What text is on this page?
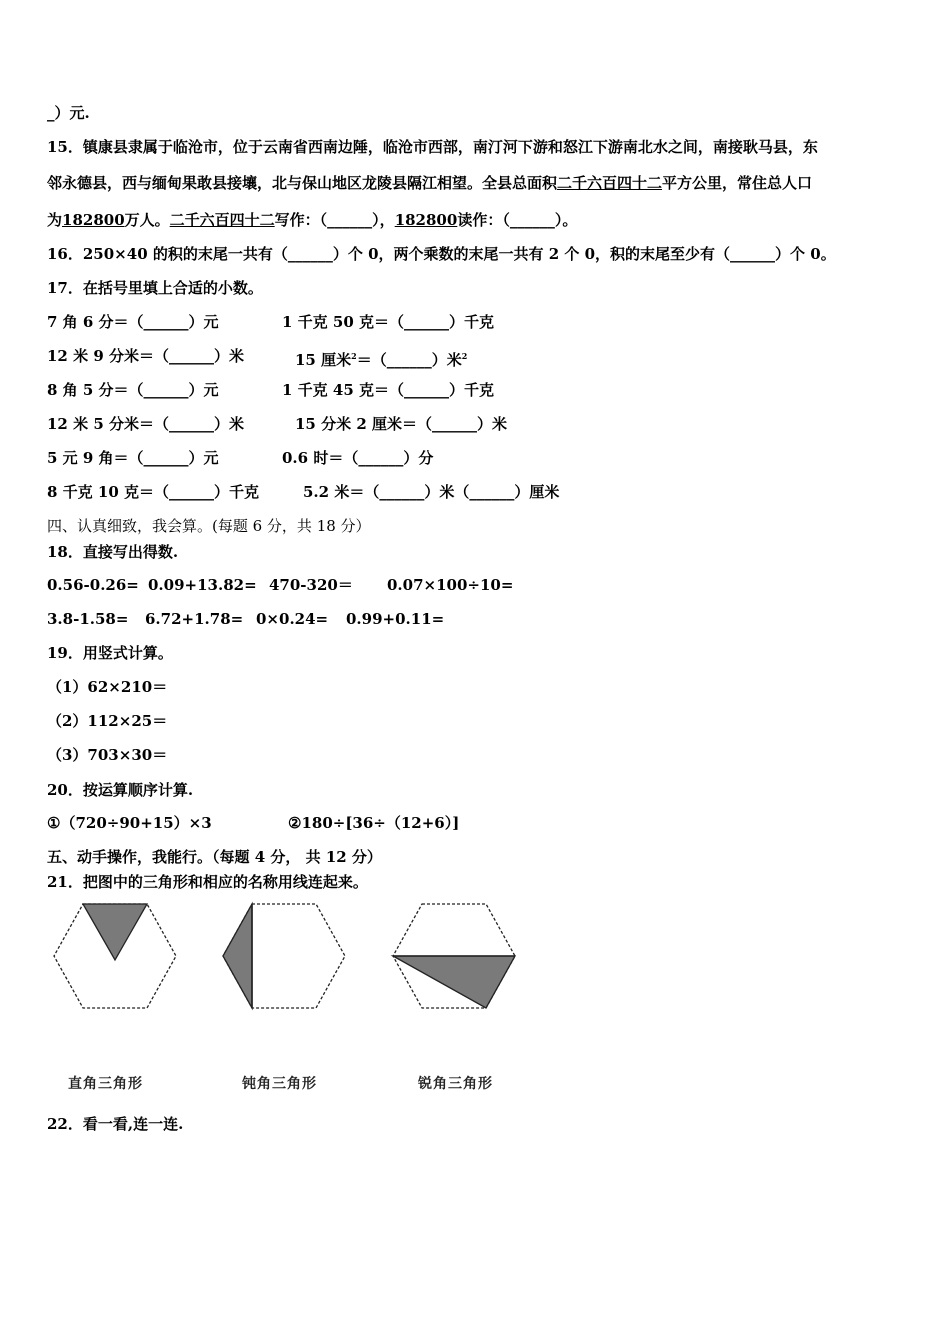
_）元.
15．镇康县隶属于临沧市，位于云南省西南边陲，临沧市西部，南汀河下游和怒江下游南北水之间，南接耿马县，东
邻永德县，西与缅甸果敢县接壤，北与保山地区龙陵县隔江相望。全县总面积二千六百四十二平方公里，常住总人口
为182800万人。二千六百四十二写作：（______），182800读作：（______）。
16．250×40 的积的末尾一共有（______）个 0，两个乘数的末尾一共有 2 个 0，积的末尾至少有（______）个 0。
17．在括号里填上合适的小数。
7 角 6 分＝（______）元	1 千克 50 克＝（______）千克
12 米 9 分米＝（______）米	15 厘米$^2$＝（______）米$^2$
8 角 5 分＝（______）元	1 千克 45 克＝（______）千克
12 米 5 分米＝（______）米	15 分米 2 厘米＝（______）米
5 元 9 角＝（______）元	0.6 时＝（______）分
8 千克 10 克＝（______）千克	5.2 米＝（______）米（______）厘米
四、认真细致，我会算。(每题 6 分，共 18 分）
18．直接写出得数.
0.56-0.26= 0.09+13.82= 470-320＝ 0.07×100÷10=
3.8-1.58= 6.72+1.78= 0×0.24= 0.99+0.11=
19．用竖式计算。
（1）62×210＝
（2）112×25＝
（3）703×30＝
20．按运算顺序计算.
①（720÷90+15）×3	②180÷[36÷（12+6）]
五、动手操作，我能行。（每题 4 分， 共 12 分）
21．把图中的三角形和相应的名称用线连起来。
直角三角形	钝角三角形	锐角三角形
22．看一看,连一连.
